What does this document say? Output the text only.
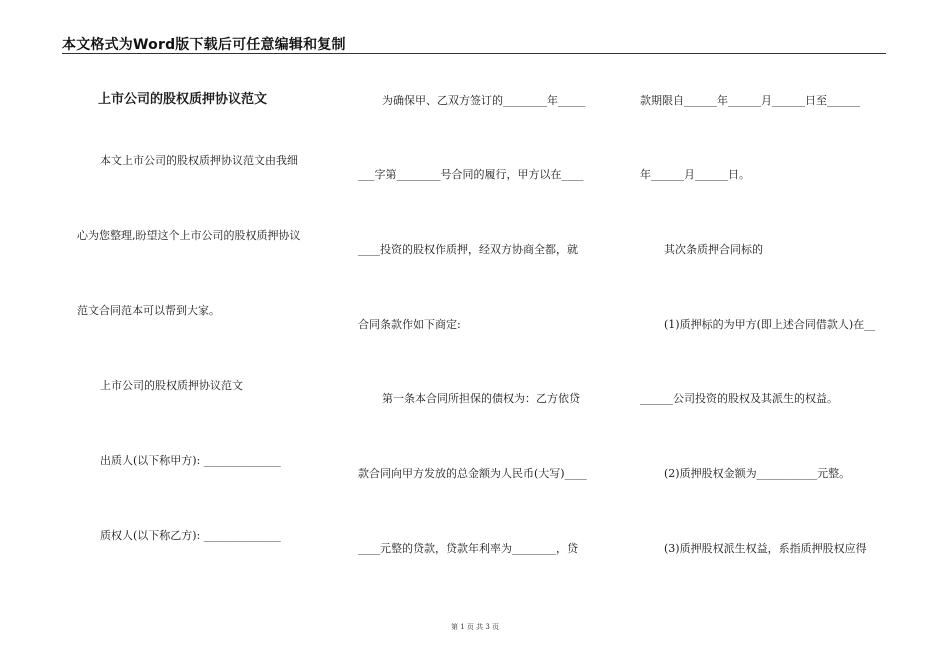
本文格式为Word版下载后可任意编辑和复制
上市公司的股权质押协议范文
本文上市公司的股权质押协议范文由我细
心为您整理,盼望这个上市公司的股权质押协议
范文合同范本可以帮到大家。
上市公司的股权质押协议范文
出质人(以下称甲方): ______________
质权人(以下称乙方): ______________
为确保甲、乙双方签订的________年_____
___字第________号合同的履行，甲方以在____
____投资的股权作质押，经双方协商全都，就
合同条款作如下商定:
第一条本合同所担保的债权为：乙方依贷
款合同向甲方发放的总金额为人民币(大写)____
____元整的贷款，贷款年利率为________，贷
款期限自______年______月______日至______
年______月______日。
其次条质押合同标的
(1)质押标的为甲方(即上述合同借款人)在__
______公司投资的股权及其派生的权益。
(2)质押股权金额为___________元整。
(3)质押股权派生权益，系指质押股权应得
第 1 页 共 3 页
